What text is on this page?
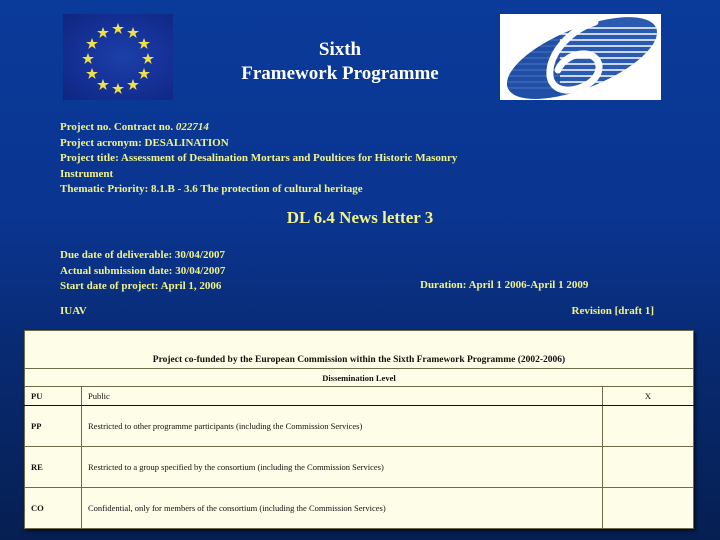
Sixth
Framework Programme
Project no. Contract no. 022714
Project acronym: DESALINATION
Project title: Assessment of Desalination Mortars and Poultices for Historic Masonry
Instrument
Thematic Priority: 8.1.B - 3.6 The protection of cultural heritage
DL 6.4 News letter 3
Due date of deliverable: 30/04/2007
Actual submission date: 30/04/2007
Start date of project: April 1, 2006	Duration: April 1 2006-April 1 2009
IUAV	Revision [draft 1]
Project co-funded by the European Commission within the Sixth Framework Programme (2002-2006)		
Dissemination Level		
PU	Public	X
PP	Restricted to other programme participants (including the Commission Services)	
RE	Restricted to a group specified by the consortium (including the Commission Services)	
CO	Confidential, only for members of the consortium (including the Commission Services)	
